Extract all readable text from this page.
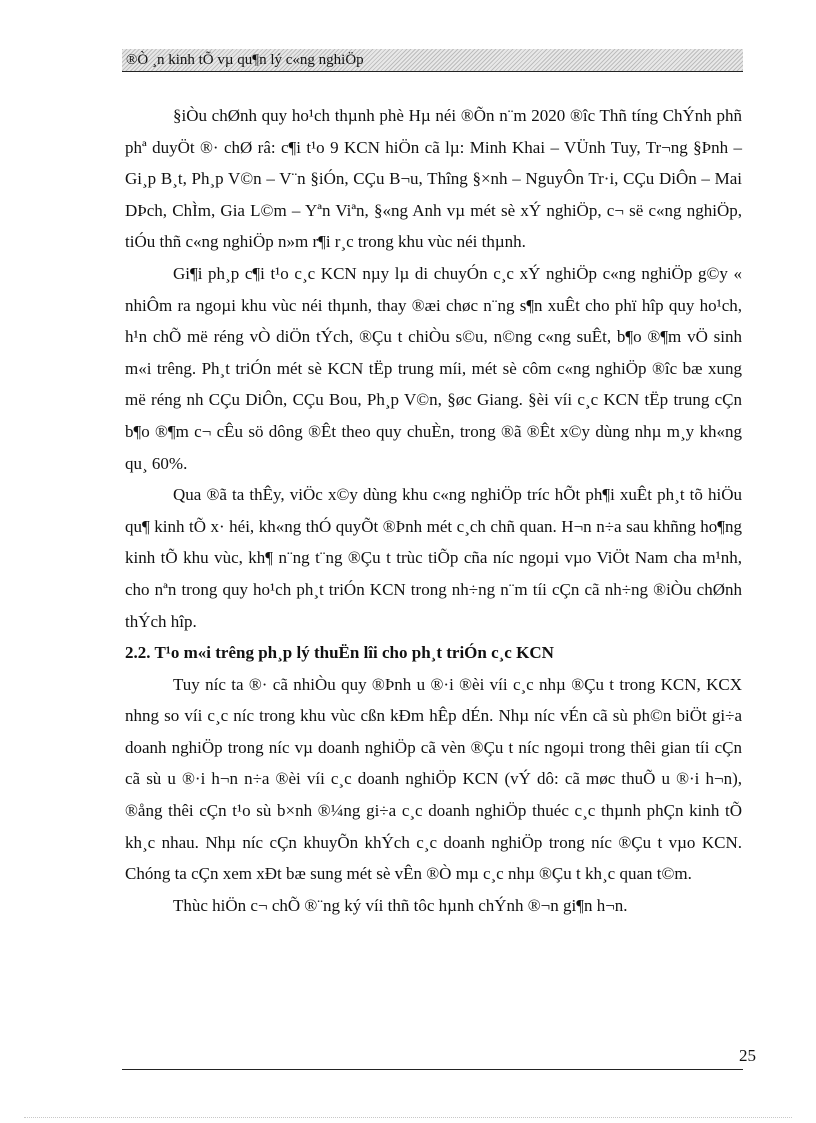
®Ò ¸n kinh tÕ vµ qu¶n lý c«ng nghiÖp

§iÒu chØnh quy ho¹ch thµnh phè Hµ néi ®Õn n¨m 2020 ®îc Thñ tíng ChÝnh phñ phª duyÖt ®· chØ râ: c¶i t¹o 9 KCN hiÖn cã lµ: Minh Khai – VÜnh Tuy, Tr¬ng §Þnh – Gi¸p B¸t, Ph¸p V©n – V¨n §iÓn, CÇu B¬u, Thîng §×nh – NguyÔn Tr·i, CÇu DiÔn – Mai DÞch, ChÌm, Gia L©m – Yªn Viªn, §«ng Anh vµ mét sè xÝ nghiÖp, c¬ së c«ng nghiÖp, tiÓu thñ c«ng nghiÖp n»m r¶i r¸c trong khu vùc néi thµnh.

Gi¶i ph¸p c¶i t¹o c¸c KCN nµy lµ di chuyÓn c¸c xÝ nghiÖp c«ng nghiÖp g©y « nhiÔm ra ngoµi khu vùc néi thµnh, thay ®æi chøc n¨ng s¶n xuÊt cho phï hîp quy ho¹ch, h¹n chÕ më réng vÒ diÖn tÝch, ®Çu t chiÒu s©u, n©ng c«ng suÊt, b¶o ®¶m vÖ sinh m«i trêng. Ph¸t triÓn mét sè KCN tËp trung míi, mét sè côm c«ng nghiÖp ®îc bæ xung më réng nh CÇu DiÔn, CÇu Bou, Ph¸p V©n, §øc Giang. §èi víi c¸c KCN tËp trung cÇn b¶o ®¶m c¬ cÊu sö dông ®Êt theo quy chuÈn, trong ®ã ®Êt x©y dùng nhµ m¸y kh«ng qu¸ 60%.

Qua ®ã ta thÊy, viÖc x©y dùng khu c«ng nghiÖp tríc hÕt ph¶i xuÊt ph¸t tõ hiÖu qu¶ kinh tÕ x· héi, kh«ng thÓ quyÕt ®Þnh mét c¸ch chñ quan. H¬n n÷a sau khñng ho¶ng kinh tÕ khu vùc, kh¶ n¨ng t¨ng ®Çu t trùc tiÕp cña níc ngoµi vµo ViÖt Nam cha m¹nh, cho nªn trong quy ho¹ch ph¸t triÓn KCN trong nh÷ng n¨m tíi cÇn cã nh÷ng ®iÒu chØnh thÝch hîp.

2.2. T¹o m«i trêng ph¸p lý thuËn lîi cho ph¸t triÓn c¸c KCN

Tuy níc ta ®· cã nhiÒu quy ®Þnh u ®·i ®èi víi c¸c nhµ ®Çu t trong KCN, KCX nhng so víi c¸c níc trong khu vùc cßn kÐm hÊp dÉn. Nhµ níc vÉn cã sù ph©n biÖt gi÷a doanh nghiÖp trong níc vµ doanh nghiÖp cã vèn ®Çu t níc ngoµi trong thêi gian tíi cÇn cã sù u ®·i h¬n n÷a ®èi víi c¸c doanh nghiÖp KCN (vÝ dô: cã møc thuÕ u ®·i h¬n), ®ång thêi cÇn t¹o sù b×nh ®¼ng gi÷a c¸c doanh nghiÖp thuéc c¸c thµnh phÇn kinh tÕ kh¸c nhau. Nhµ níc cÇn khuyÕn khÝch c¸c doanh nghiÖp trong níc ®Çu t vµo KCN. Chóng ta cÇn xem xÐt bæ sung mét sè vÊn ®Ò mµ c¸c nhµ ®Çu t kh¸c quan t©m.

Thùc hiÖn c¬ chÕ ®¨ng ký víi thñ tôc hµnh chÝnh ®¬n gi¶n h¬n.

25
